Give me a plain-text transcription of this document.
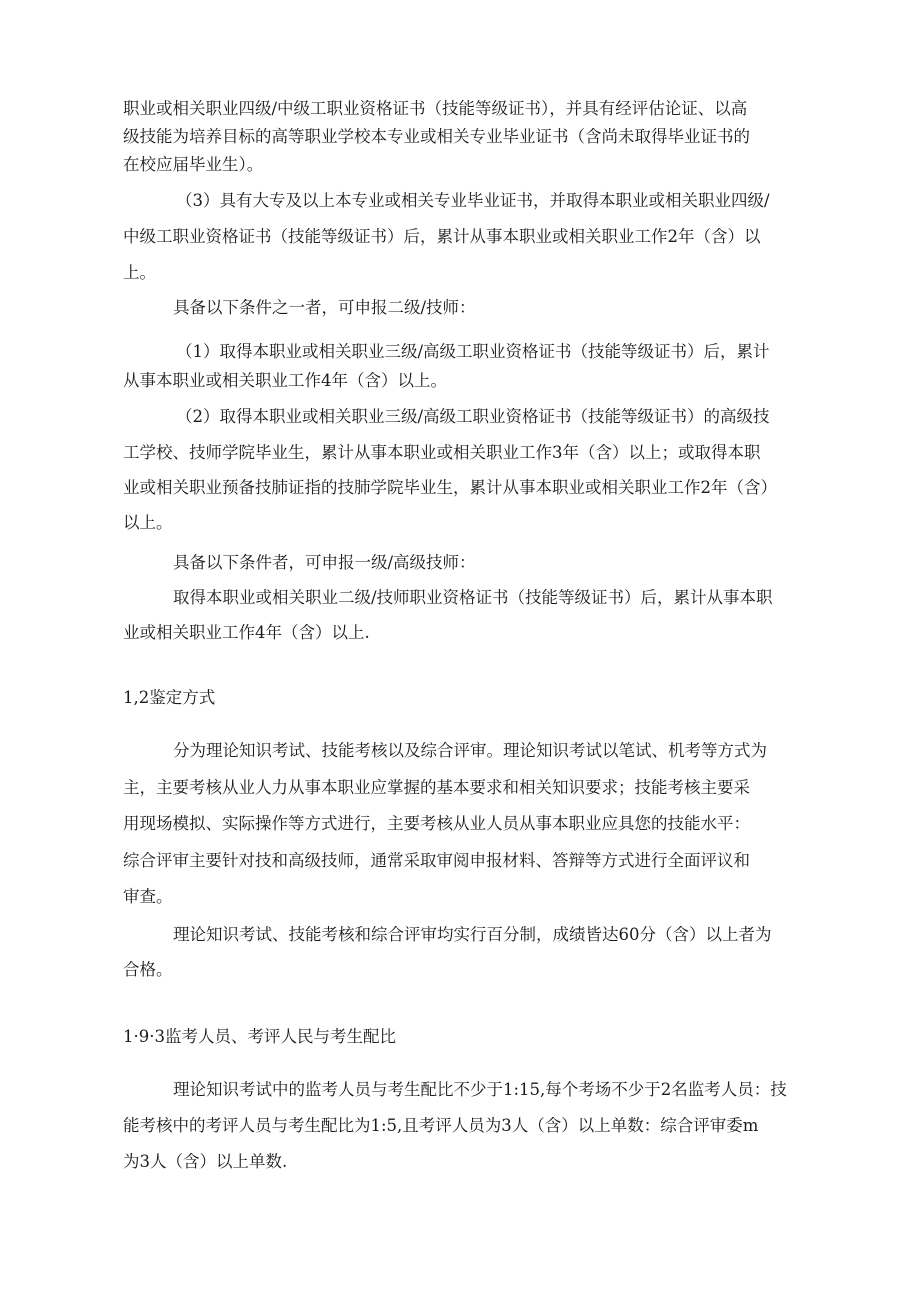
职业或相关职业四级/中级工职业资格证书（技能等级证书），并具有经评估论证、以高
级技能为培养目标的高等职业学校本专业或相关专业毕业证书（含尚未取得毕业证书的
在校应届毕业生）。
（3）具有大专及以上本专业或相关专业毕业证书，并取得本职业或相关职业四级/
中级工职业资格证书（技能等级证书）后，累计从事本职业或相关职业工作2年（含）以
上。
具备以下条件之一者，可申报二级/技师：
（1）取得本职业或相关职业三级/高级工职业资格证书（技能等级证书）后，累计
从事本职业或相关职业工作4年（含）以上。
（2）取得本职业或相关职业三级/高级工职业资格证书（技能等级证书）的高级技
工学校、技师学院毕业生，累计从事本职业或相关职业工作3年（含）以上；或取得本职
业或相关职业预备技肺证指的技肺学院毕业生，累计从事本职业或相关职业工作2年（含）
以上。
具备以下条件者，可申报一级/高级技师：
取得本职业或相关职业二级/技师职业资格证书（技能等级证书）后，累计从事本职
业或相关职业工作4年（含）以上.
1,2鉴定方式
分为理论知识考试、技能考核以及综合评审。理论知识考试以笔试、机考等方式为
主，主要考核从业人力从事本职业应掌握的基本要求和相关知识要求；技能考核主要采
用现场模拟、实际操作等方式进行，主要考核从业人员从事本职业应具您的技能水平：
综合评审主要针对技和高级技师，通常采取审阅申报材料、答辩等方式进行全面评议和
审查。
理论知识考试、技能考核和综合评审均实行百分制，成绩皆达60分（含）以上者为
合格。
1·9·3监考人员、考评人民与考生配比
理论知识考试中的监考人员与考生配比不少于1:15,每个考场不少于2名监考人员：技
能考核中的考评人员与考生配比为1:5,且考评人员为3人（含）以上单数：综合评审委m
为3人（含）以上单数.
